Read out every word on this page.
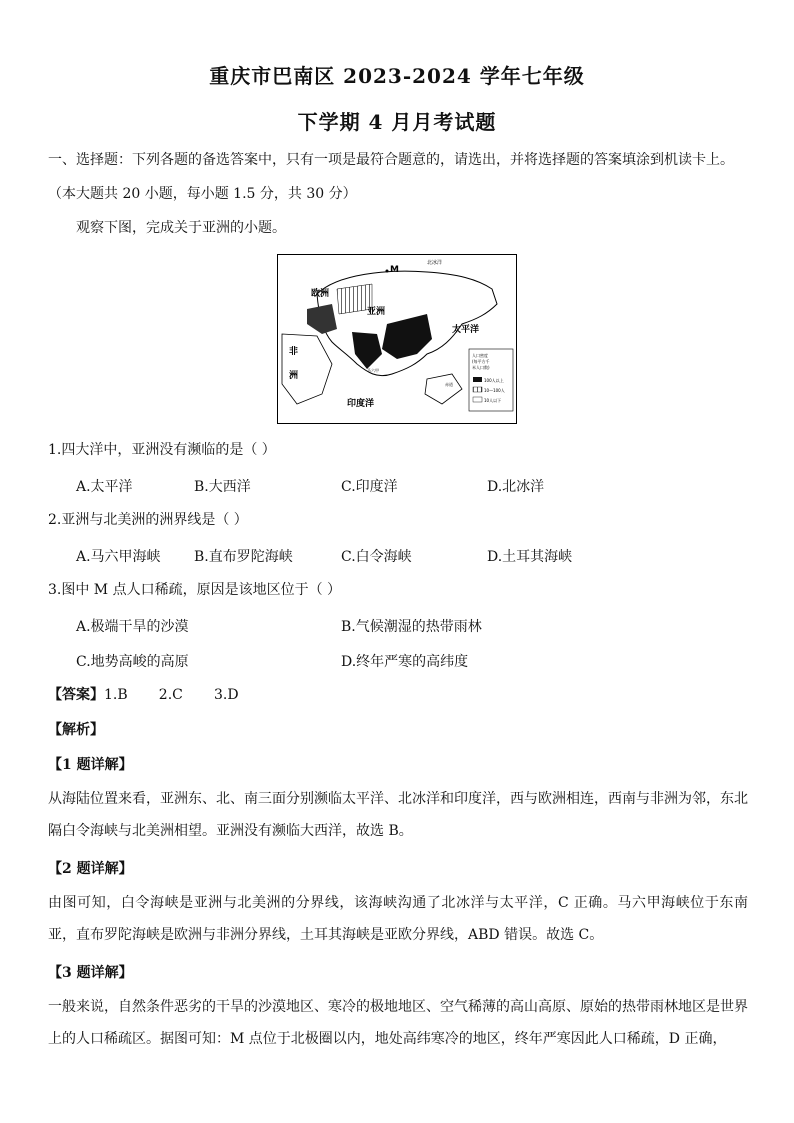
重庆市巴南区 2023-2024 学年七年级
下学期 4 月月考试题
一、选择题：下列各题的备选答案中，只有一项是最符合题意的，请选出，并将选择题的答案填涂到机读卡上。
（本大题共 20 小题，每小题 1.5 分，共 30 分）
观察下图，完成关于亚洲的小题。
欧洲
亚洲
非
洲
太平洋
印度洋
M
北冰洋
人口密度
(每平方千
米人口数)
100人以上
10—100人
10人以下
马六甲
赤道
1.四大洋中，亚洲没有濒临的是（ ）
A.太平洋	B.大西洋	C.印度洋	D.北冰洋
2.亚洲与北美洲的洲界线是（ ）
A.马六甲海峡 B.直布罗陀海峡	C.白令海峡	D.土耳其海峡
3.图中 M 点人口稀疏，原因是该地区位于（ ）
A.极端干旱的沙漠	B.气候潮湿的热带雨林
C.地势高峻的高原	D.终年严寒的高纬度
【答案】1.B       2.C       3.D
【解析】
【1 题详解】
从海陆位置来看，亚洲东、北、南三面分别濒临太平洋、北冰洋和印度洋，西与欧洲相连，西南与非洲为邻，东北隔白令海峡与北美洲相望。亚洲没有濒临大西洋，故选 B。
【2 题详解】
由图可知，白令海峡是亚洲与北美洲的分界线，该海峡沟通了北冰洋与太平洋，C 正确。马六甲海峡位于东南亚，直布罗陀海峡是欧洲与非洲分界线，土耳其海峡是亚欧分界线，ABD 错误。故选 C。
【3 题详解】
一般来说，自然条件恶劣的干旱的沙漠地区、寒冷的极地地区、空气稀薄的高山高原、原始的热带雨林地区是世界上的人口稀疏区。据图可知：M 点位于北极圈以内，地处高纬寒冷的地区，终年严寒因此人口稀疏，D 正确，
